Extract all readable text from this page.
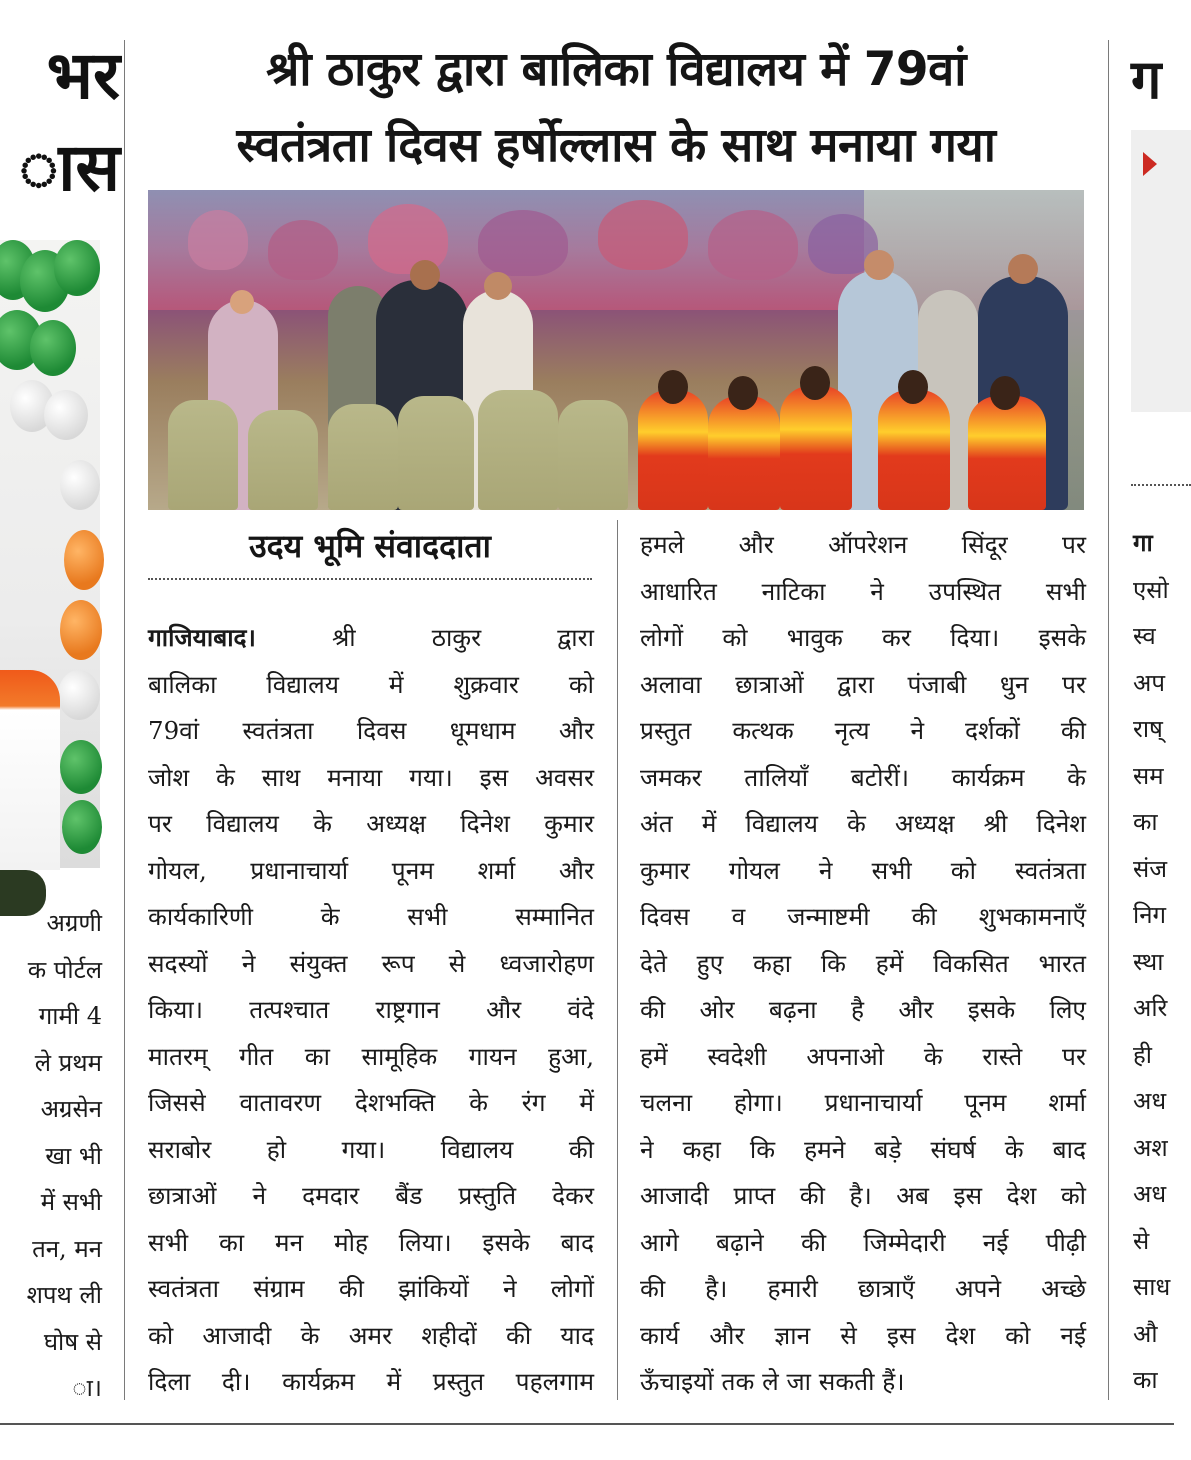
भर
ास
अग्रणी
क पोर्टल
गामी 4
ले प्रथम
अग्रसेन
खा भी
में सभी
तन, मन
शपथ ली
घोष से
ा।
श्री ठाकुर द्वारा बालिका विद्यालय में 79वां
स्वतंत्रता दिवस हर्षोल्लास के साथ मनाया गया
उदय भूमि संवाददाता
गाजियाबाद।	श्री ठाकुर द्वारा
बालिका विद्यालय में शुक्रवार को
79वां स्वतंत्रता दिवस धूमधाम और
जोश के साथ मनाया गया। इस अवसर
पर विद्यालय के अध्यक्ष दिनेश कुमार
गोयल, प्रधानाचार्या पूनम शर्मा और
कार्यकारिणी के सभी सम्मानित
सदस्यों ने संयुक्त रूप से ध्वजारोहण
किया। तत्पश्चात राष्ट्रगान और वंदे
मातरम् गीत का सामूहिक गायन हुआ,
जिससे वातावरण देशभक्ति के रंग में
सराबोर हो गया। विद्यालय की
छात्राओं ने दमदार बैंड प्रस्तुति देकर
सभी का मन मोह लिया। इसके बाद
स्वतंत्रता संग्राम की झांकियों ने लोगों
को आजादी के अमर शहीदों की याद
दिला दी। कार्यक्रम में प्रस्तुत पहलगाम
हमले और ऑपरेशन सिंदूर पर
आधारित नाटिका ने उपस्थित सभी
लोगों को भावुक कर दिया। इसके
अलावा छात्राओं द्वारा पंजाबी धुन पर
प्रस्तुत कत्थक नृत्य ने दर्शकों की
जमकर तालियाँ बटोरीं। कार्यक्रम के
अंत में विद्यालय के अध्यक्ष श्री दिनेश
कुमार गोयल ने सभी को स्वतंत्रता
दिवस व जन्माष्टमी की शुभकामनाएँ
देते हुए कहा कि हमें विकसित भारत
की ओर बढ़ना है और इसके लिए
हमें स्वदेशी अपनाओ के रास्ते पर
चलना होगा। प्रधानाचार्या पूनम शर्मा
ने कहा कि हमने बड़े संघर्ष के बाद
आजादी प्राप्त की है। अब इस देश को
आगे बढ़ाने की जिम्मेदारी नई पीढ़ी
की है। हमारी छात्राएँ अपने अच्छे
कार्य और ज्ञान से इस देश को नई
ऊँचाइयों तक ले जा सकती हैं।
ग
गा
एसो
स्व
अप
राष्
सम
का
संज
निग
स्था
अरि
ही
अध
अश
अध
से
साध
औ
का
